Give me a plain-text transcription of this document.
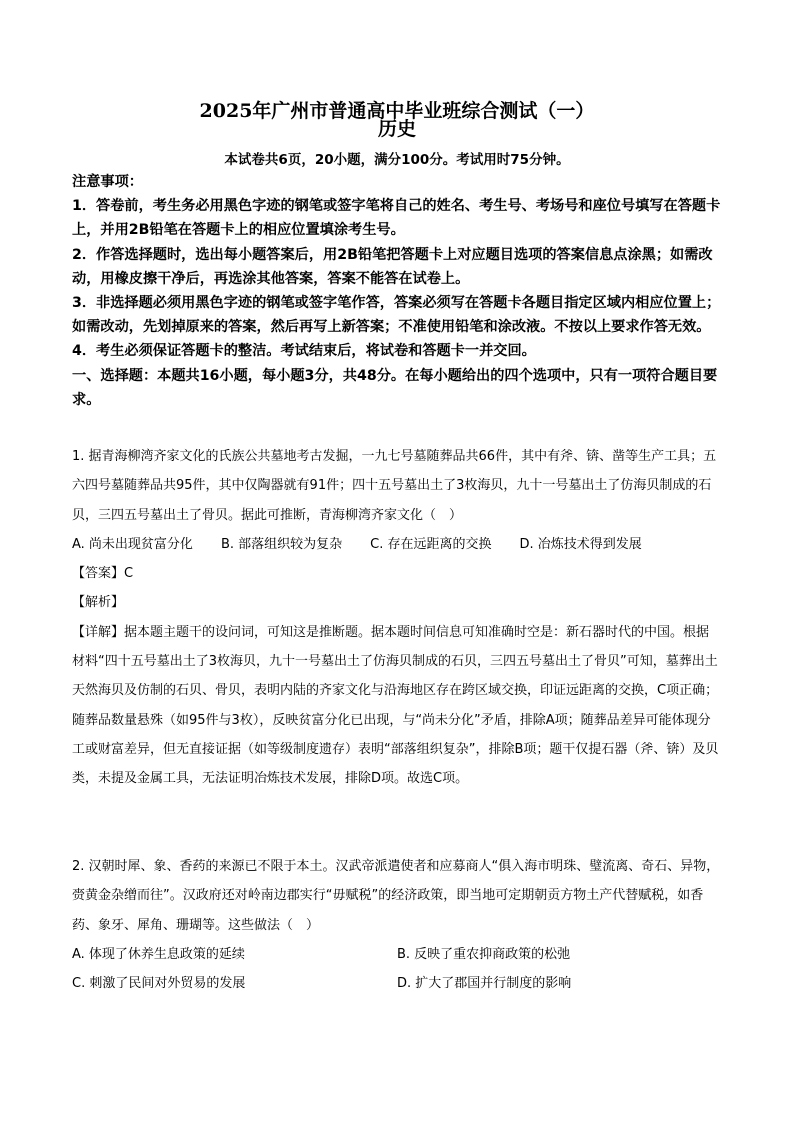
2025年广州市普通高中毕业班综合测试（一）
历史
本试卷共6页，20小题，满分100分。考试用时75分钟。

注意事项：

1．答卷前，考生务必用黑色字迹的钢笔或签字笔将自己的姓名、考生号、考场号和座位号填写在答题卡上，并用2B铅笔在答题卡上的相应位置填涂考生号。

2．作答选择题时，选出每小题答案后，用2B铅笔把答题卡上对应题目选项的答案信息点涂黑；如需改动，用橡皮擦干净后，再选涂其他答案，答案不能答在试卷上。

3．非选择题必须用黑色字迹的钢笔或签字笔作答，答案必须写在答题卡各题目指定区域内相应位置上；如需改动，先划掉原来的答案，然后再写上新答案；不准使用铅笔和涂改液。不按以上要求作答无效。

4．考生必须保证答题卡的整洁。考试结束后，将试卷和答题卡一并交回。

一、选择题：本题共16小题，每小题3分，共48分。在每小题给出的四个选项中，只有一项符合题目要求。

1. 据青海柳湾齐家文化的氏族公共墓地考古发掘，一九七号墓随葬品共66件，其中有斧、锛、凿等生产工具；五六四号墓随葬品共95件，其中仅陶器就有91件；四十五号墓出土了3枚海贝，九十一号墓出土了仿海贝制成的石贝，三四五号墓出土了骨贝。据此可推断，青海柳湾齐家文化（　）

A. 尚未出现贫富分化 B. 部落组织较为复杂 C. 存在远距离的交换 D. 冶炼技术得到发展

【答案】C

【解析】

【详解】据本题主题干的设问词，可知这是推断题。据本题时间信息可知准确时空是：新石器时代的中国。根据材料“四十五号墓出土了3枚海贝，九十一号墓出土了仿海贝制成的石贝，三四五号墓出土了骨贝”可知，墓葬出土天然海贝及仿制的石贝、骨贝，表明内陆的齐家文化与沿海地区存在跨区域交换，印证远距离的交换，C项正确；随葬品数量悬殊（如95件与3枚），反映贫富分化已出现，与“尚未分化”矛盾，排除A项；随葬品差异可能体现分工或财富差异，但无直接证据（如等级制度遗存）表明“部落组织复杂”，排除B项；题干仅提石器（斧、锛）及贝类，未提及金属工具，无法证明冶炼技术发展，排除D项。故选C项。

2. 汉朝时犀、象、香药的来源已不限于本土。汉武帝派遣使者和应募商人“俱入海市明珠、璧流离、奇石、异物，赍黄金杂缯而往”。汉政府还对岭南边郡实行“毋赋税”的经济政策，即当地可定期朝贡方物土产代替赋税，如香药、象牙、犀角、珊瑚等。这些做法（　）

A. 体现了休养生息政策的延续	B. 反映了重农抑商政策的松弛
C. 刺激了民间对外贸易的发展	D. 扩大了郡国并行制度的影响
